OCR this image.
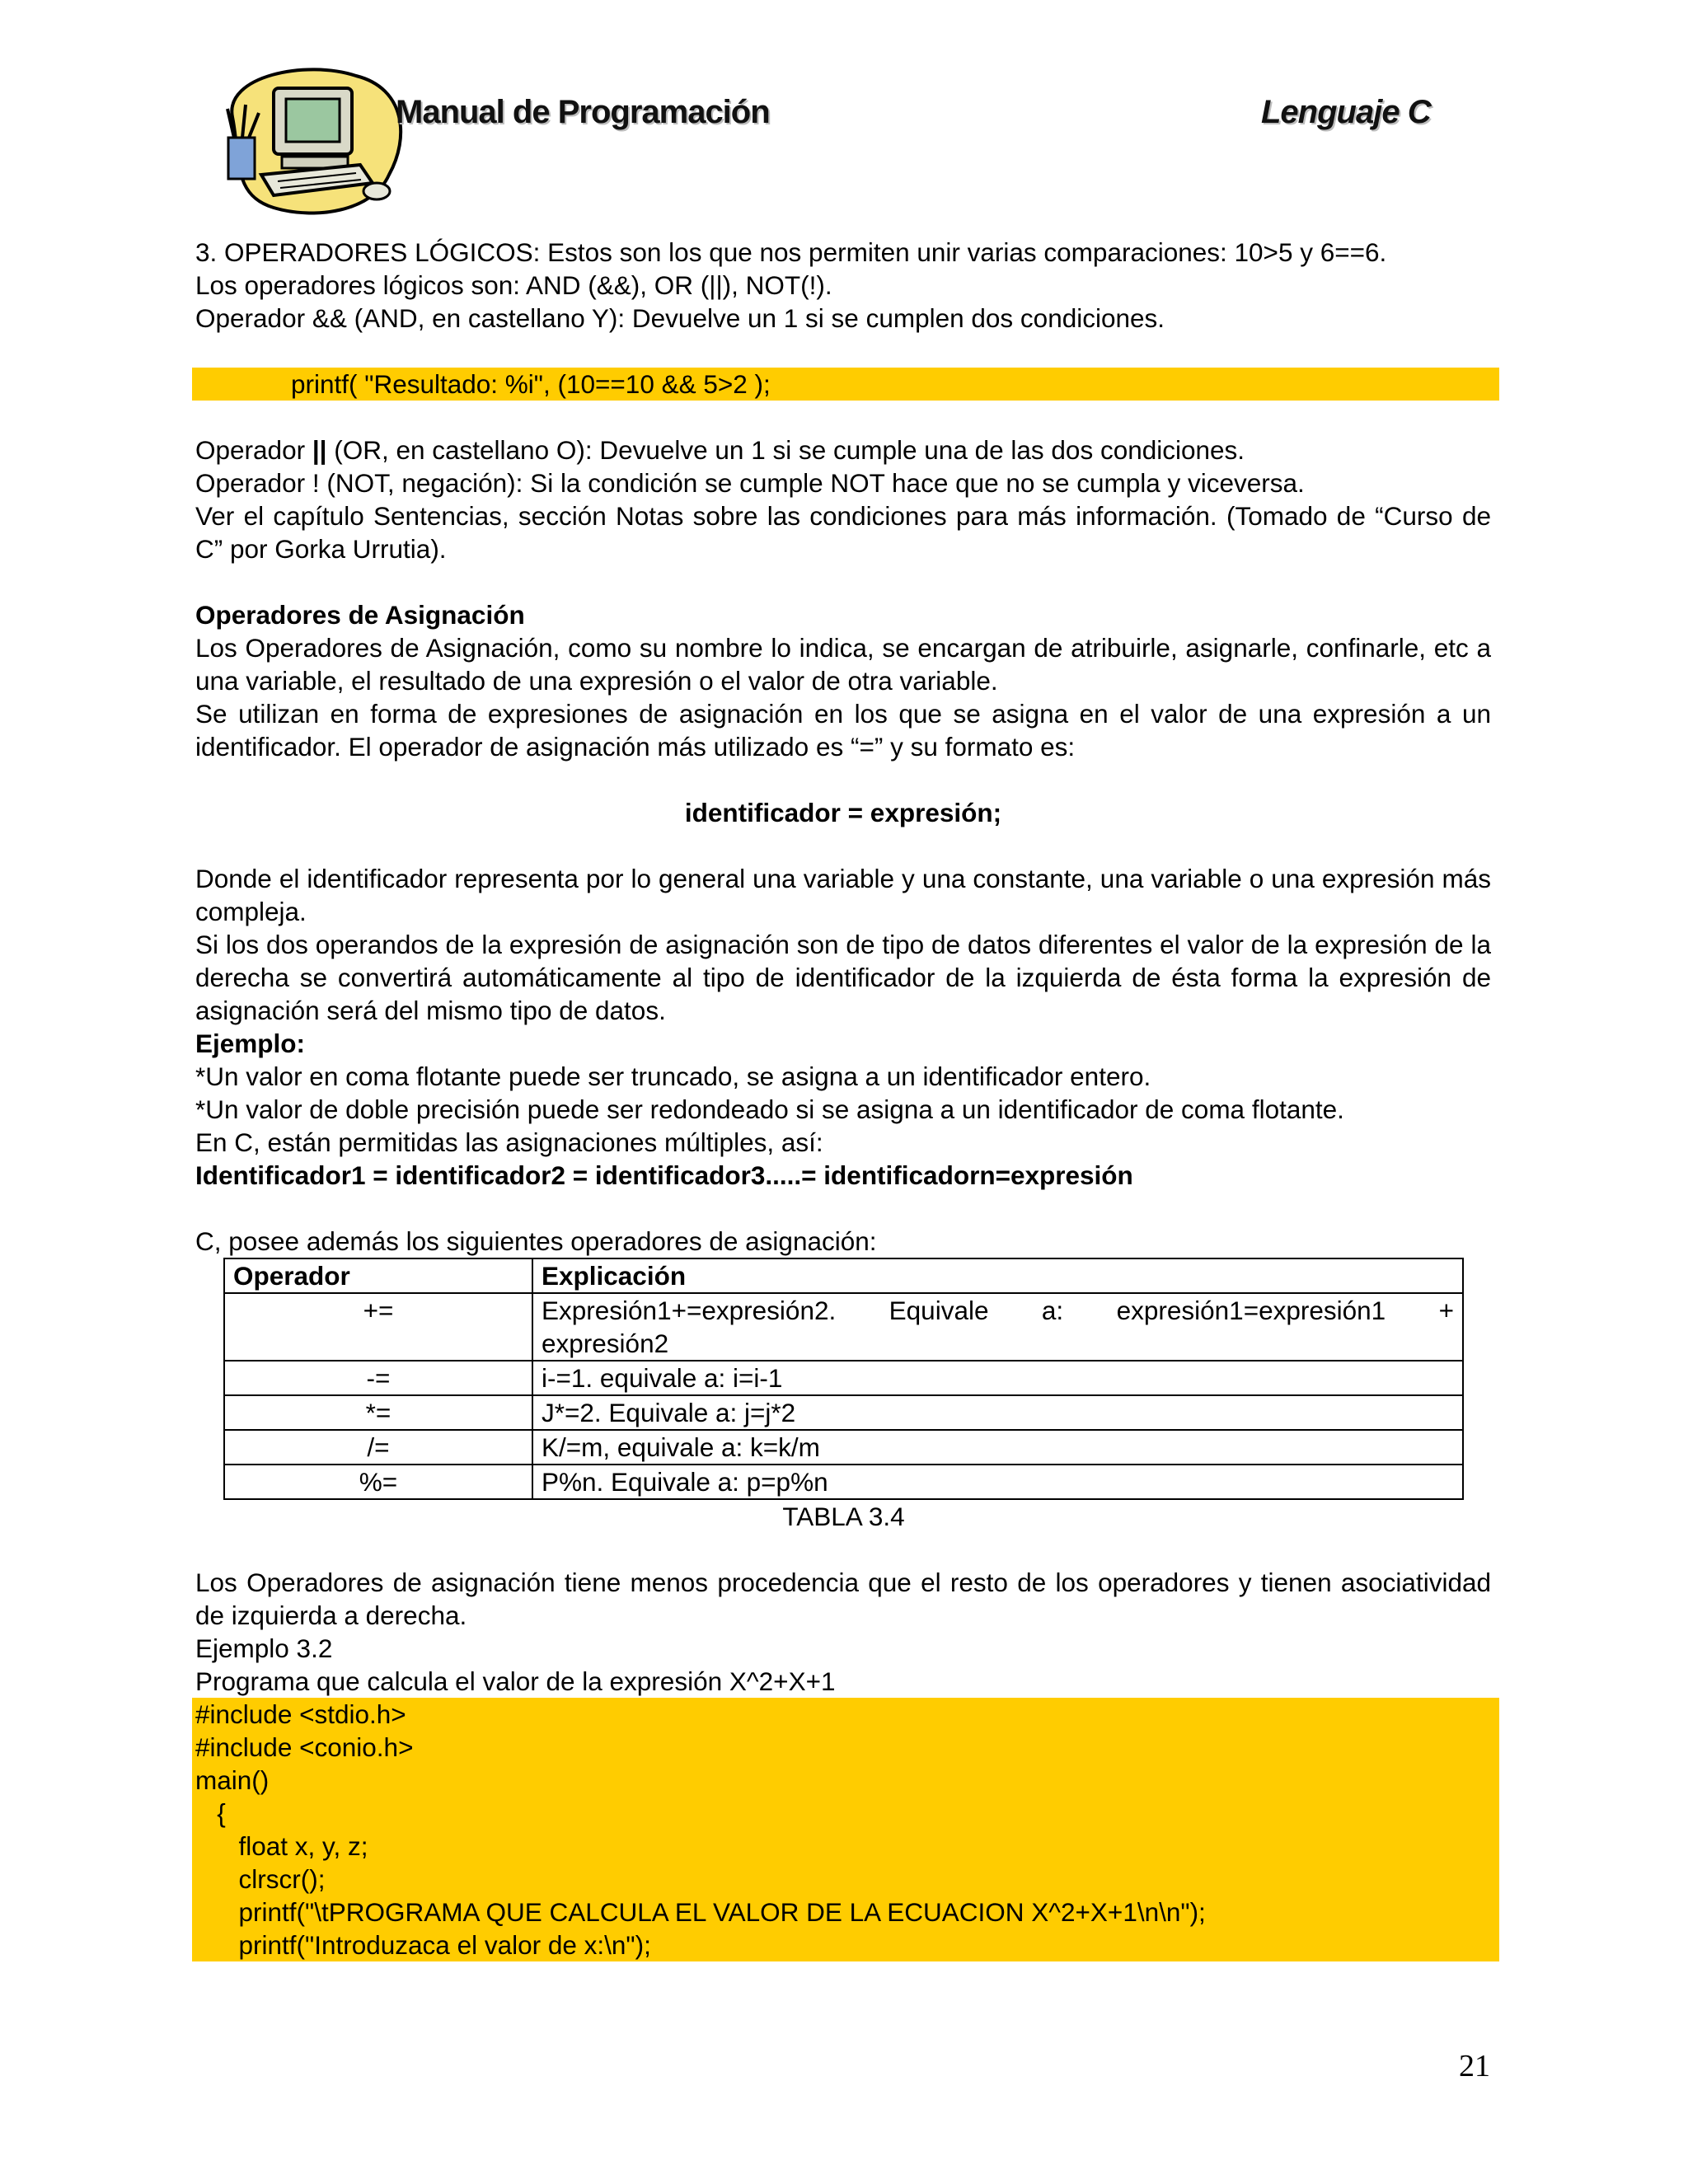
Manual de Programación	Lenguaje C

3. OPERADORES LÓGICOS: Estos son los que nos permiten unir varias comparaciones: 10>5 y 6==6.

Los operadores lógicos son: AND (&&), OR (||), NOT(!).

Operador && (AND, en castellano Y): Devuelve un 1 si se cumplen dos condiciones.

printf( "Resultado: %i", (10==10 && 5>2 );

Operador || (OR, en castellano O): Devuelve un 1 si se cumple una de las dos condiciones.

Operador ! (NOT, negación): Si la condición se cumple NOT hace que no se cumpla y viceversa.

Ver el capítulo Sentencias, sección Notas sobre las condiciones para más información. (Tomado de “Curso de C” por Gorka Urrutia).

Operadores de Asignación

Los Operadores de Asignación, como su nombre lo indica, se encargan de atribuirle, asignarle, confinarle, etc a una variable, el resultado de una expresión o el valor de otra variable.

Se utilizan en forma de expresiones de asignación en los que se asigna en el valor de una expresión a un identificador. El operador de asignación más utilizado es “=” y su formato es:

identificador = expresión;

Donde el identificador representa por lo general una variable y una constante, una variable o una expresión más compleja.

Si los dos operandos de la expresión de asignación son de tipo de datos diferentes el valor de la expresión de la derecha se convertirá automáticamente al tipo de identificador de la izquierda de ésta forma la expresión de asignación será del mismo tipo de datos.

Ejemplo:

*Un valor en coma flotante puede ser truncado, se asigna a un identificador entero.

*Un valor de doble precisión puede ser redondeado si se asigna a un identificador de coma flotante.

En C, están permitidas las asignaciones múltiples, así:

Identificador1 = identificador2 = identificador3.....= identificadorn=expresión

C, posee además los siguientes operadores de asignación:

Operador	Explicación
+=	Expresión1+=expresión2.    Equivale    a:    expresión1=expresión1    + expresión2
-=	i-=1. equivale a: i=i-1
*=	J*=2. Equivale a: j=j*2
/=	K/=m, equivale a: k=k/m
%=	P%n. Equivale a: p=p%n

TABLA 3.4

Los Operadores de asignación tiene menos procedencia que el resto de los operadores y tienen asociatividad de izquierda a derecha.

Ejemplo 3.2

Programa que calcula el valor de la expresión X^2+X+1

#include <stdio.h>
#include <conio.h>
main()
{
float x, y, z;
clrscr();
printf("\tPROGRAMA QUE CALCULA EL VALOR DE LA ECUACION X^2+X+1\n\n");
printf("Introduzaca el valor de x:\n");
21
